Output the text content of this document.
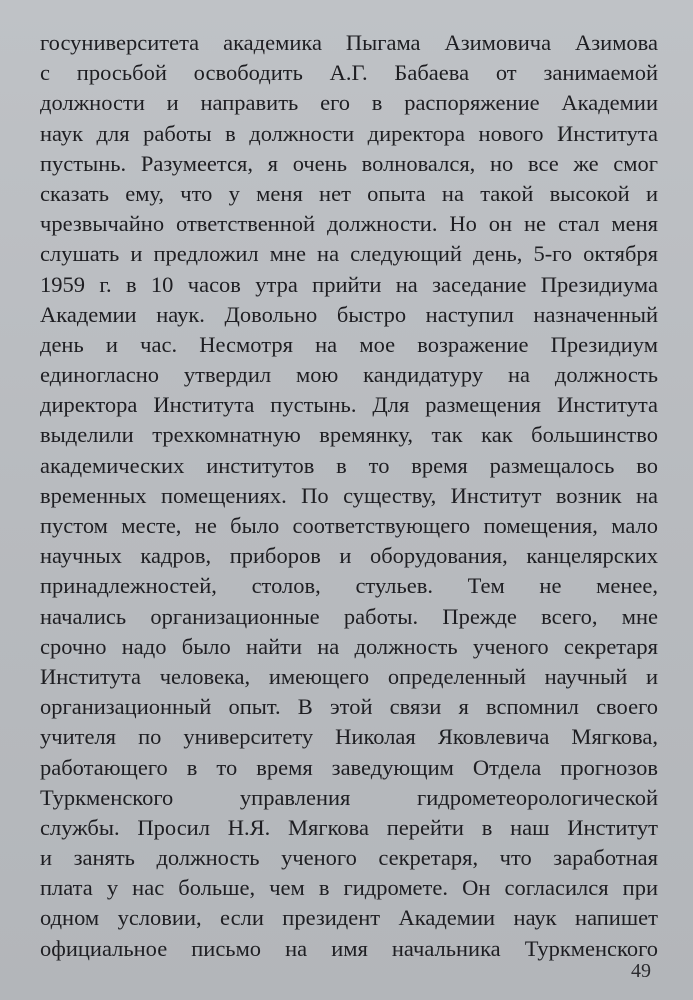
госуниверситета академика Пыгама Азимовича Азимова
с просьбой освободить А.Г. Бабаева от занимаемой
должности и направить его в распоряжение Академии
наук для работы в должности директора нового Института
пустынь. Разумеется, я очень волновался, но все же смог
сказать ему, что у меня нет опыта на такой высокой и
чрезвычайно ответственной должности. Но он не стал меня
слушать и предложил мне на следующий день, 5-го октября
1959 г. в 10 часов утра прийти на заседание Президиума
Академии наук. Довольно быстро наступил назначенный
день и час. Несмотря на мое возражение Президиум
единогласно утвердил мою кандидатуру на должность
директора Института пустынь. Для размещения Института
выделили трехкомнатную времянку, так как большинство
академических институтов в то время размещалось во
временных помещениях. По существу, Институт возник на
пустом месте, не было соответствующего помещения, мало
научных кадров, приборов и оборудования, канцелярских
принадлежностей, столов, стульев. Тем не менее,
начались организационные работы. Прежде всего, мне
срочно надо было найти на должность ученого секретаря
Института человека, имеющего определенный научный и
организационный опыт. В этой связи я вспомнил своего
учителя по университету Николая Яковлевича Мягкова,
работающего в то время заведующим Отдела прогнозов
Туркменского управления гидрометеорологической
службы. Просил Н.Я. Мягкова перейти в наш Институт
и занять должность ученого секретаря, что заработная
плата у нас больше, чем в гидромете. Он согласился при
одном условии, если президент Академии наук напишет
официальное письмо на имя начальника Туркменского
49
